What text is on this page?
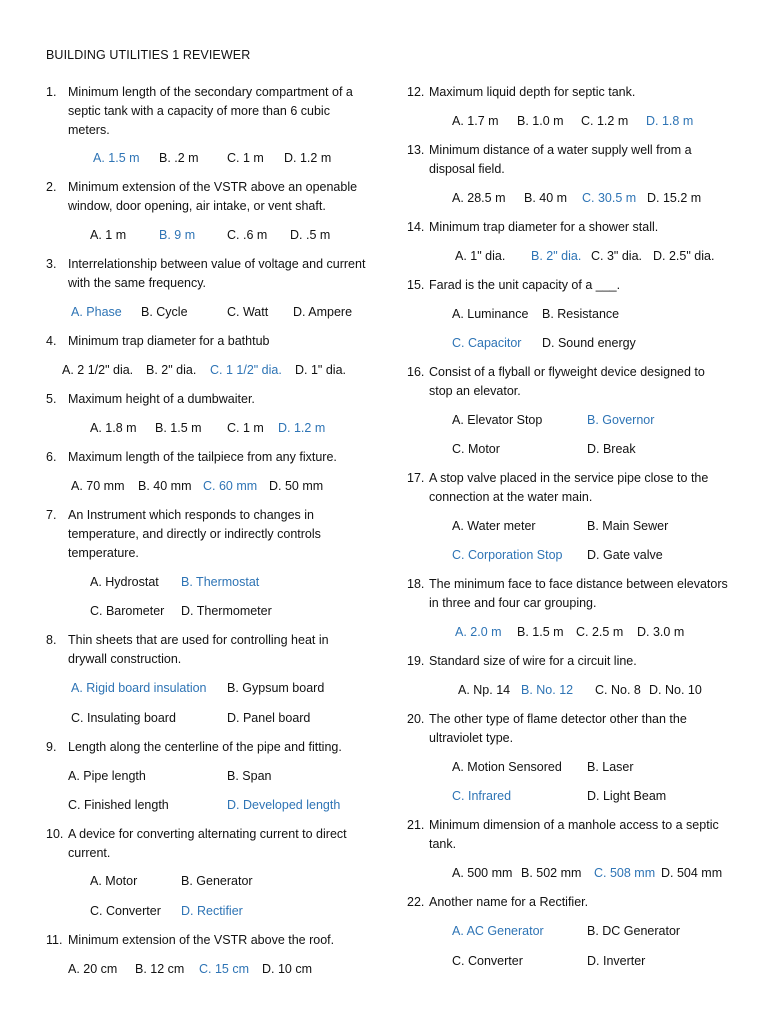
BUILDING UTILITIES 1 REVIEWER
1. Minimum length of the secondary compartment of a septic tank with a capacity of more than 6 cubic meters.
A. 1.5 m B. .2 m C. 1 m D. 1.2 m
2. Minimum extension of the VSTR above an openable window, door opening, air intake, or vent shaft.
A. 1 m	B. 9 m	C. .6 m D. .5 m
3. Interrelationship between value of voltage and current with the same frequency.
A. Phase B. Cycle	C. Watt D. Ampere
4. Minimum trap diameter for a bathtub
A. 2 1/2" dia. B. 2" dia. C. 1 1/2" dia. D. 1" dia.
5. Maximum height of a dumbwaiter.
A. 1.8 m B. 1.5 m C. 1 m D. 1.2 m
6. Maximum length of the tailpiece from any fixture.
A. 70 mm B. 40 mm C. 60 mm D. 50 mm
7. An Instrument which responds to changes in temperature, and directly or indirectly controls temperature.
A. Hydrostat B. Thermostat
C. Barometer D. Thermometer
8. Thin sheets that are used for controlling heat in drywall construction.
A. Rigid board insulation B. Gypsum board
C. Insulating board	D. Panel board
9. Length along the centerline of the pipe and fitting.
A. Pipe length	B. Span
C. Finished length	D. Developed length
10. A device for converting alternating current to direct current.
A. Motor	B. Generator
C. Converter D. Rectifier
11. Minimum extension of the VSTR above the roof.
A. 20 cm B. 12 cm C. 15 cm D. 10 cm
12. Maximum liquid depth for septic tank.
A. 1.7 m B. 1.0 m C. 1.2 m D. 1.8 m
13. Minimum distance of a water supply well from a disposal field.
A. 28.5 m B. 40 m C. 30.5 m D. 15.2 m
14. Minimum trap diameter for a shower stall.
A. 1" dia. B. 2" dia. C. 3" dia. D. 2.5" dia.
15. Farad is the unit capacity of a ___.
A. Luminance B. Resistance
C. Capacitor D. Sound energy
16. Consist of a flyball or flyweight device designed to stop an elevator.
A. Elevator Stop	B. Governor
C. Motor	D. Break
17. A stop valve placed in the service pipe close to the connection at the water main.
A. Water meter	B. Main Sewer
C. Corporation Stop D. Gate valve
18. The minimum face to face distance between elevators in three and four car grouping.
A. 2.0 m B. 1.5 m C. 2.5 m D. 3.0 m
19. Standard size of wire for a circuit line.
A. Np. 14 B. No. 12 C. No. 8 D. No. 10
20. The other type of flame detector other than the ultraviolet type.
A. Motion Sensored B. Laser
C. Infrared	D. Light Beam
21. Minimum dimension of a manhole access to a septic tank.
A. 500 mm B. 502 mm C. 508 mm D. 504 mm
22. Another name for a Rectifier.
A. AC Generator	B. DC Generator
C. Converter	D. Inverter
